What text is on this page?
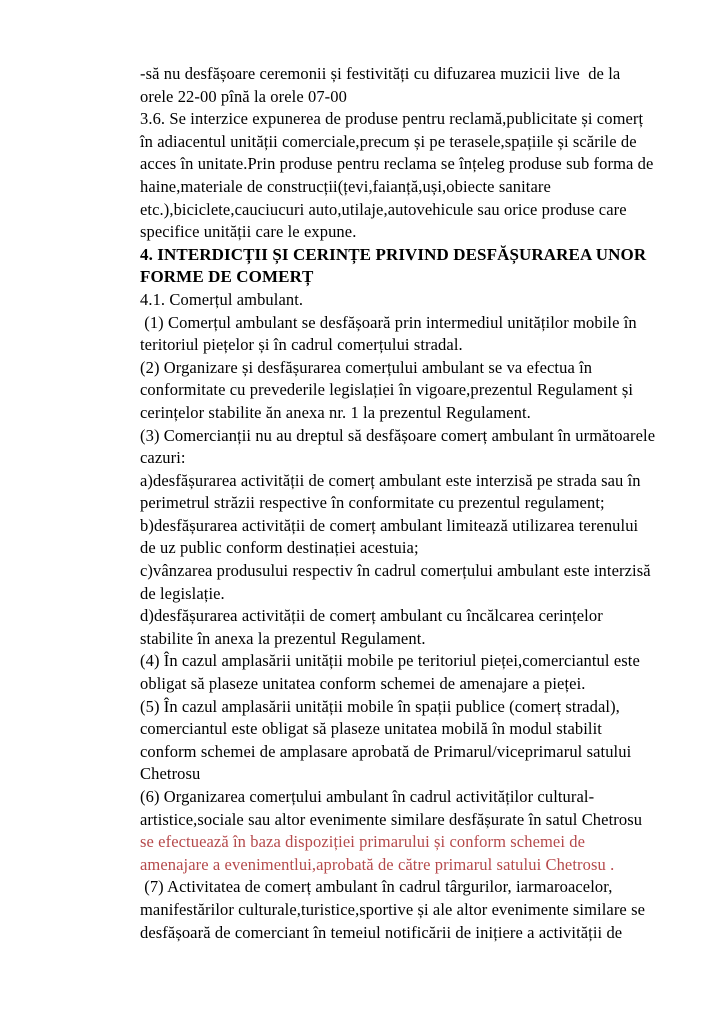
-să nu desfășoare ceremonii și festivități cu difuzarea muzicii live  de la
orele 22-00 pînă la orele 07-00
3.6. Se interzice expunerea de produse pentru reclamă,publicitate și comerț
în adiacentul unității comerciale,precum și pe terasele,spațiile și scările de
acces în unitate.Prin produse pentru reclama se înțeleg produse sub forma de
haine,materiale de construcții(țevi,faianță,uși,obiecte sanitare
etc.),biciclete,cauciucuri auto,utilaje,autovehicule sau orice produse care
specifice unității care le expune.
4. INTERDICȚII ȘI CERINȚE PRIVIND DESFĂȘURAREA UNOR
FORME DE COMERȚ
4.1. Comerțul ambulant.
(1) Comerțul ambulant se desfășoară prin intermediul unităților mobile în
teritoriul piețelor și în cadrul comerțului stradal.
(2) Organizare și desfășurarea comerțului ambulant se va efectua în
conformitate cu prevederile legislației în vigoare,prezentul Regulament și
cerințelor stabilite ăn anexa nr. 1 la prezentul Regulament.
(3) Comercianții nu au dreptul să desfășoare comerț ambulant în următoarele
cazuri:
a)desfășurarea activității de comerț ambulant este interzisă pe strada sau în
perimetrul străzii respective în conformitate cu prezentul regulament;
b)desfășurarea activității de comerț ambulant limitează utilizarea terenului
de uz public conform destinației acestuia;
c)vânzarea produsului respectiv în cadrul comerțului ambulant este interzisă
de legislație.
d)desfășurarea activității de comerț ambulant cu încălcarea cerințelor
stabilite în anexa la prezentul Regulament.
(4) În cazul amplasării unității mobile pe teritoriul pieței,comerciantul este
obligat să plaseze unitatea conform schemei de amenajare a pieței.
(5) În cazul amplasării unității mobile în spații publice (comerț stradal),
comerciantul este obligat să plaseze unitatea mobilă în modul stabilit
conform schemei de amplasare aprobată de Primarul/viceprimarul satului
Chetrosu
(6) Organizarea comerțului ambulant în cadrul activităților cultural-
artistice,sociale sau altor evenimente similare desfășurate în satul Chetrosu
se efectuează în baza dispoziției primarului și conform schemei de
amenajare a evenimentlui,aprobată de către primarul satului Chetrosu .
(7) Activitatea de comerț ambulant în cadrul târgurilor, iarmaroacelor,
manifestărilor culturale,turistice,sportive și ale altor evenimente similare se
desfășoară de comerciant în temeiul notificării de inițiere a activității de
